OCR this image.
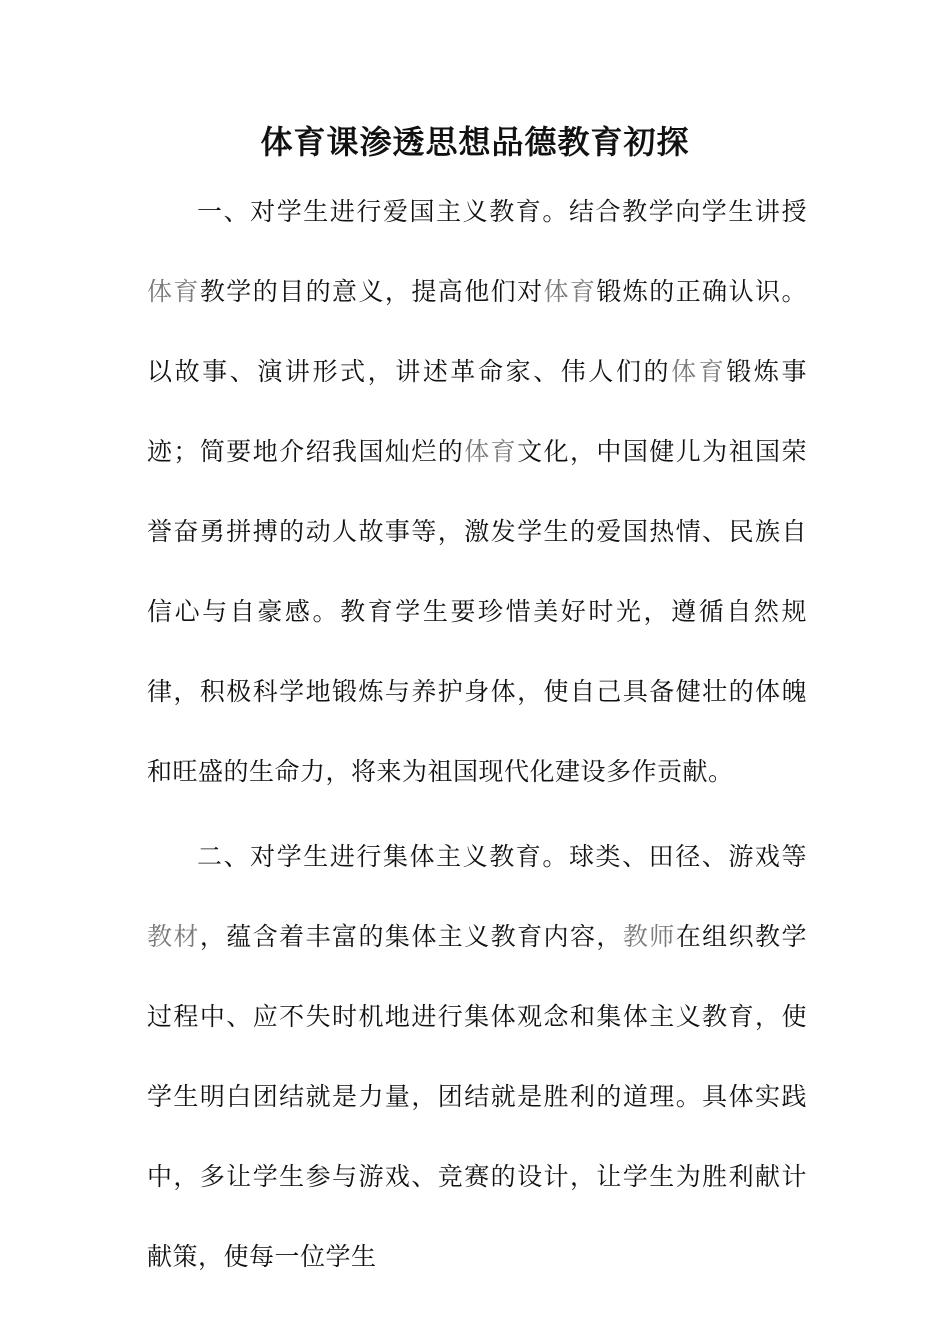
体育课渗透思想品德教育初探

一、对学生进行爱国主义教育。结合教学向学生讲授体育教学的目的意义，提高他们对体育锻炼的正确认识。以故事、演讲形式，讲述革命家、伟人们的体育锻炼事迹；简要地介绍我国灿烂的体育文化，中国健儿为祖国荣誉奋勇拼搏的动人故事等，激发学生的爱国热情、民族自信心与自豪感。教育学生要珍惜美好时光，遵循自然规律，积极科学地锻炼与养护身体，使自己具备健壮的体魄和旺盛的生命力，将来为祖国现代化建设多作贡献。

二、对学生进行集体主义教育。球类、田径、游戏等教材，蕴含着丰富的集体主义教育内容，教师在组织教学过程中、应不失时机地进行集体观念和集体主义教育，使学生明白团结就是力量，团结就是胜利的道理。具体实践中，多让学生参与游戏、竞赛的设计，让学生为胜利献计献策，使每一位学生
